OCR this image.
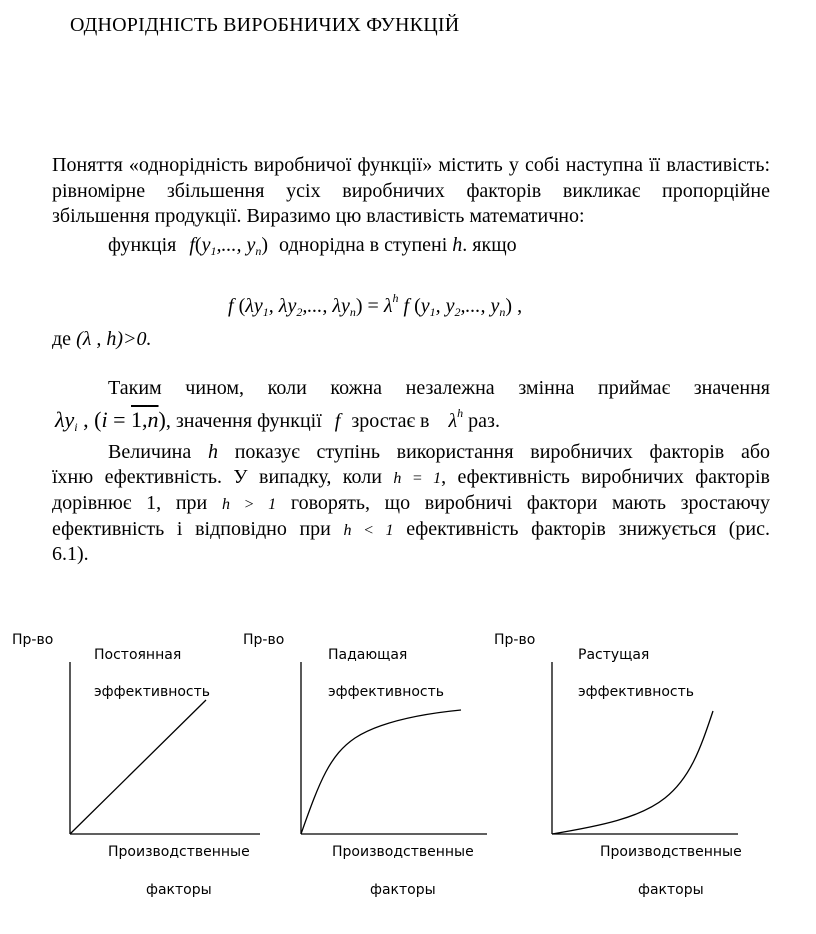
ОДНОРІДНІСТЬ ВИРОБНИЧИХ ФУНКЦІЙ
Поняття «однорідність виробничої функції» містить у собі наступна її властивість: рівномірне збільшення усіх виробничих факторів викликає пропорційне збільшення продукції. Виразимо цю властивість математично:
функція $f(y_1$,..., $y_n$) однорідна в ступені h. якщо
f ($\lambda y_1$, $\lambda y_2$,..., $\lambda y_n) = \lambda^h$ f ($y_1$, $y_2$,..., $y_n$) ,
де (λ , h)>0.
Таким чином, коли кожна незалежна змінна приймає значення
$\lambda y_i$ , $(i = 1,\overline{n})$, значення функції f зростає в $\lambda^h$ раз.
Величина h показує ступінь використання виробничих факторів або
їхню ефективність. У випадку, коли h = 1, ефективність виробничих факторів
дорівнює 1, при h > 1 говорять, що виробничі фактори мають зростаючу
ефективність і відповідно при h < 1 ефективність факторів знижується (рис.
6.1).
Пр-во
Постоянная
эффективность
Производственные
факторы
Пр-во
Падающая
эффективность
Производственные
факторы
Пр-во
Растущая
эффективность
Производственные
факторы
